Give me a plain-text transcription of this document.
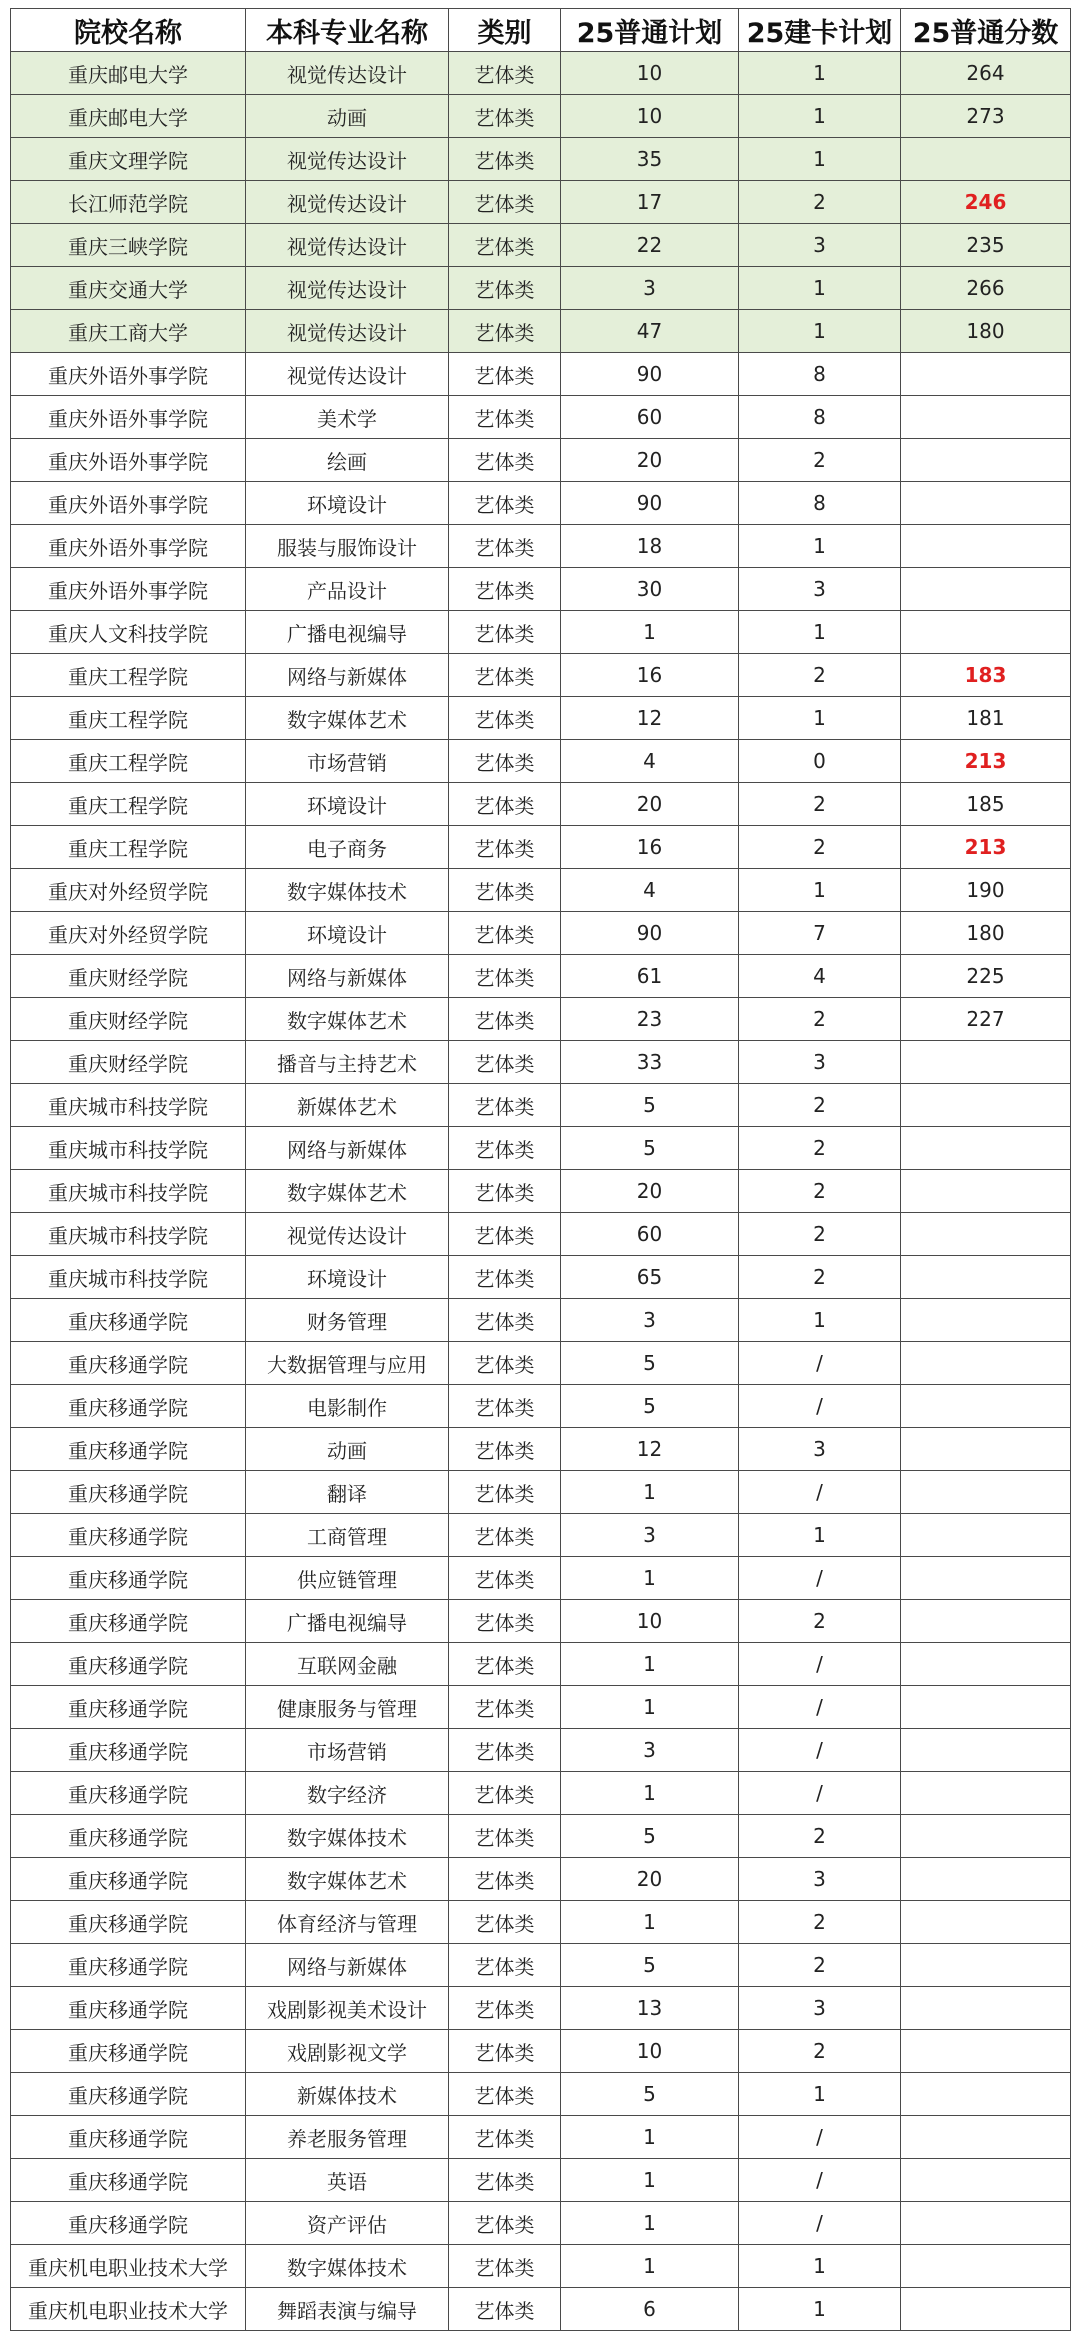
院校名称	本科专业名称	类别	25普通计划	25建卡计划	25普通分数
重庆邮电大学	视觉传达设计	艺体类	10	1	264
重庆邮电大学	动画	艺体类	10	1	273
重庆文理学院	视觉传达设计	艺体类	35	1	
长江师范学院	视觉传达设计	艺体类	17	2	246
重庆三峡学院	视觉传达设计	艺体类	22	3	235
重庆交通大学	视觉传达设计	艺体类	3	1	266
重庆工商大学	视觉传达设计	艺体类	47	1	180
重庆外语外事学院	视觉传达设计	艺体类	90	8	
重庆外语外事学院	美术学	艺体类	60	8	
重庆外语外事学院	绘画	艺体类	20	2	
重庆外语外事学院	环境设计	艺体类	90	8	
重庆外语外事学院	服装与服饰设计	艺体类	18	1	
重庆外语外事学院	产品设计	艺体类	30	3	
重庆人文科技学院	广播电视编导	艺体类	1	1	
重庆工程学院	网络与新媒体	艺体类	16	2	183
重庆工程学院	数字媒体艺术	艺体类	12	1	181
重庆工程学院	市场营销	艺体类	4	0	213
重庆工程学院	环境设计	艺体类	20	2	185
重庆工程学院	电子商务	艺体类	16	2	213
重庆对外经贸学院	数字媒体技术	艺体类	4	1	190
重庆对外经贸学院	环境设计	艺体类	90	7	180
重庆财经学院	网络与新媒体	艺体类	61	4	225
重庆财经学院	数字媒体艺术	艺体类	23	2	227
重庆财经学院	播音与主持艺术	艺体类	33	3	
重庆城市科技学院	新媒体艺术	艺体类	5	2	
重庆城市科技学院	网络与新媒体	艺体类	5	2	
重庆城市科技学院	数字媒体艺术	艺体类	20	2	
重庆城市科技学院	视觉传达设计	艺体类	60	2	
重庆城市科技学院	环境设计	艺体类	65	2	
重庆移通学院	财务管理	艺体类	3	1	
重庆移通学院	大数据管理与应用	艺体类	5	/	
重庆移通学院	电影制作	艺体类	5	/	
重庆移通学院	动画	艺体类	12	3	
重庆移通学院	翻译	艺体类	1	/	
重庆移通学院	工商管理	艺体类	3	1	
重庆移通学院	供应链管理	艺体类	1	/	
重庆移通学院	广播电视编导	艺体类	10	2	
重庆移通学院	互联网金融	艺体类	1	/	
重庆移通学院	健康服务与管理	艺体类	1	/	
重庆移通学院	市场营销	艺体类	3	/	
重庆移通学院	数字经济	艺体类	1	/	
重庆移通学院	数字媒体技术	艺体类	5	2	
重庆移通学院	数字媒体艺术	艺体类	20	3	
重庆移通学院	体育经济与管理	艺体类	1	2	
重庆移通学院	网络与新媒体	艺体类	5	2	
重庆移通学院	戏剧影视美术设计	艺体类	13	3	
重庆移通学院	戏剧影视文学	艺体类	10	2	
重庆移通学院	新媒体技术	艺体类	5	1	
重庆移通学院	养老服务管理	艺体类	1	/	
重庆移通学院	英语	艺体类	1	/	
重庆移通学院	资产评估	艺体类	1	/	
重庆机电职业技术大学	数字媒体技术	艺体类	1	1	
重庆机电职业技术大学	舞蹈表演与编导	艺体类	6	1	
